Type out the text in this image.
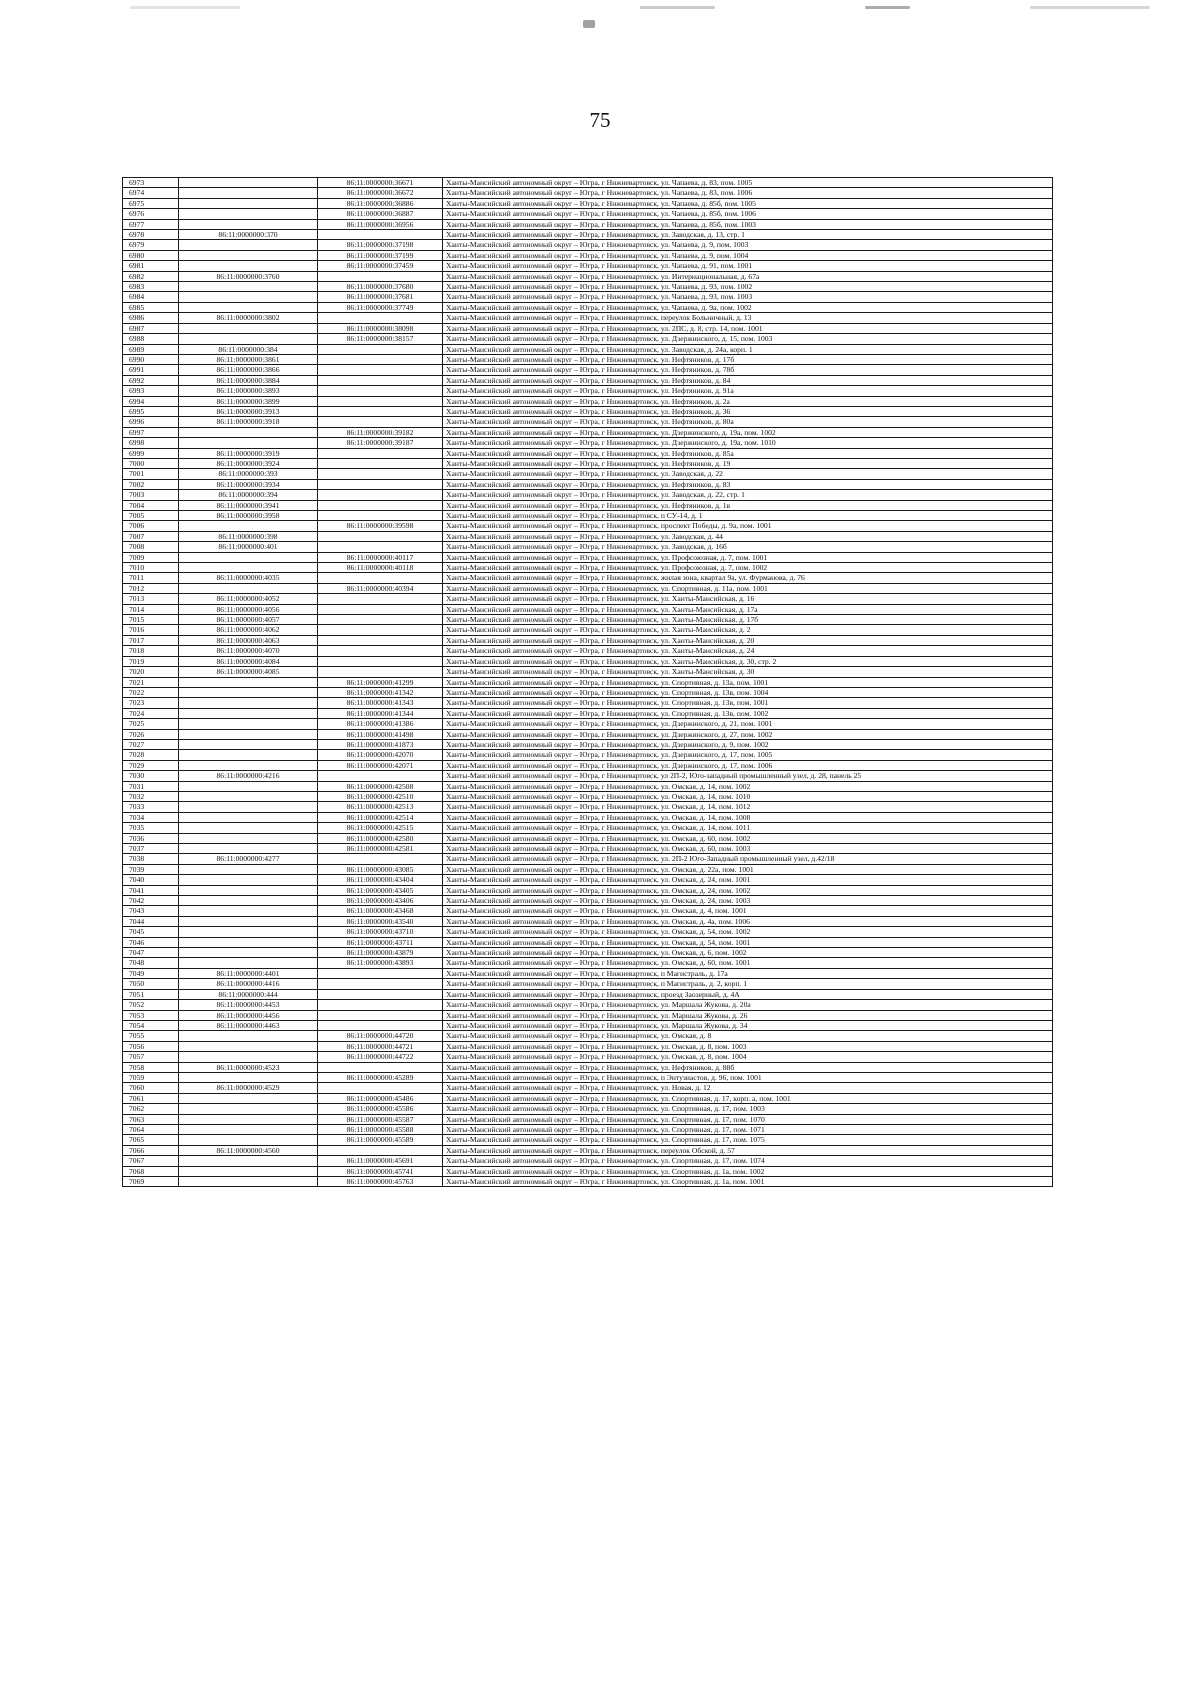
75
6973		86:11:0000000:36671	Ханты-Мансийский автономный округ – Югра, г Нижневартовск, ул. Чапаева, д. 83, пом. 1005
6974		86:11:0000000:36672	Ханты-Мансийский автономный округ – Югра, г Нижневартовск, ул. Чапаева, д. 83, пом. 1006
6975		86:11:0000000:36886	Ханты-Мансийский автономный округ – Югра, г Нижневартовск, ул. Чапаева, д. 85б, пом. 1005
6976		86:11:0000000:36887	Ханты-Мансийский автономный округ – Югра, г Нижневартовск, ул. Чапаева, д. 85б, пом. 1006
6977		86:11:0000000:36956	Ханты-Мансийский автономный округ – Югра, г Нижневартовск, ул. Чапаева, д. 85б, пом. 1003
6978	86:11:0000000:370		Ханты-Мансийский автономный округ – Югра, г Нижневартовск, ул. Заводская, д. 13, стр. 1
6979		86:11:0000000:37198	Ханты-Мансийский автономный округ – Югра, г Нижневартовск, ул. Чапаева, д. 9, пом. 1003
6980		86:11:0000000:37199	Ханты-Мансийский автономный округ – Югра, г Нижневартовск, ул. Чапаева, д. 9, пом. 1004
6981		86:11:0000000:37459	Ханты-Мансийский автономный округ – Югра, г Нижневартовск, ул. Чапаева, д. 91, пом. 1001
6982	86:11:0000000:3760		Ханты-Мансийский автономный округ – Югра, г Нижневартовск, ул. Интернациональная, д. 67а
6983		86:11:0000000:37680	Ханты-Мансийский автономный округ – Югра, г Нижневартовск, ул. Чапаева, д. 93, пом. 1002
6984		86:11:0000000:37681	Ханты-Мансийский автономный округ – Югра, г Нижневартовск, ул. Чапаева, д. 93, пом. 1003
6985		86:11:0000000:37749	Ханты-Мансийский автономный округ – Югра, г Нижневартовск, ул. Чапаева, д. 9а, пом. 1002
6986	86:11:0000000:3802		Ханты-Мансийский автономный округ – Югра, г Нижневартовск, переулок Больничный, д. 13
6987		86:11:0000000:38098	Ханты-Мансийский автономный округ – Югра, г Нижневартовск, ул. 2ПС, д. 8, стр. 14, пом. 1001
6988		86:11:0000000:38157	Ханты-Мансийский автономный округ – Югра, г Нижневартовск, ул. Дзержинского, д. 15, пом. 1003
6989	86:11:0000000:384		Ханты-Мансийский автономный округ – Югра, г Нижневартовск, ул. Заводская, д. 24а, корп. 1
6990	86:11:0000000:3861		Ханты-Мансийский автономный округ – Югра, г Нижневартовск, ул. Нефтяников, д. 17б
6991	86:11:0000000:3866		Ханты-Мансийский автономный округ – Югра, г Нижневартовск, ул. Нефтяников, д. 78б
6992	86:11:0000000:3884		Ханты-Мансийский автономный округ – Югра, г Нижневартовск, ул. Нефтяников, д. 84
6993	86:11:0000000:3893		Ханты-Мансийский автономный округ – Югра, г Нижневартовск, ул. Нефтяников, д. 91а
6994	86:11:0000000:3899		Ханты-Мансийский автономный округ – Югра, г Нижневартовск, ул. Нефтяников, д. 2а
6995	86:11:0000000:3913		Ханты-Мансийский автономный округ – Югра, г Нижневартовск, ул. Нефтяников, д. 36
6996	86:11:0000000:3918		Ханты-Мансийский автономный округ – Югра, г Нижневартовск, ул. Нефтяников, д. 80а
6997		86:11:0000000:39182	Ханты-Мансийский автономный округ – Югра, г Нижневартовск, ул. Дзержинского, д. 19а, пом. 1002
6998		86:11:0000000:39187	Ханты-Мансийский автономный округ – Югра, г Нижневартовск, ул. Дзержинского, д. 19а, пом. 1010
6999	86:11:0000000:3919		Ханты-Мансийский автономный округ – Югра, г Нижневартовск, ул. Нефтяников, д. 85а
7000	86:11:0000000:3924		Ханты-Мансийский автономный округ – Югра, г Нижневартовск, ул. Нефтяников, д. 19
7001	86:11:0000000:393		Ханты-Мансийский автономный округ – Югра, г Нижневартовск, ул. Заводская, д. 22
7002	86:11:0000000:3934		Ханты-Мансийский автономный округ – Югра, г Нижневартовск, ул. Нефтяников, д. 83
7003	86:11:0000000:394		Ханты-Мансийский автономный округ – Югра, г Нижневартовск, ул. Заводская, д. 22, стр. 1
7004	86:11:0000000:3941		Ханты-Мансийский автономный округ – Югра, г Нижневартовск, ул. Нефтяников, д. 1в
7005	86:11:0000000:3958		Ханты-Мансийский автономный округ – Югра, г Нижневартовск, п СУ-14, д. 1
7006		86:11:0000000:39598	Ханты-Мансийский автономный округ – Югра, г Нижневартовск, проспект Победы, д. 9а, пом. 1001
7007	86:11:0000000:398		Ханты-Мансийский автономный округ – Югра, г Нижневартовск, ул. Заводская, д. 44
7008	86:11:0000000:401		Ханты-Мансийский автономный округ – Югра, г Нижневартовск, ул. Заводская, д. 16б
7009		86:11:0000000:40117	Ханты-Мансийский автономный округ – Югра, г Нижневартовск, ул. Профсоюзная, д. 7, пом. 1001
7010		86:11:0000000:40118	Ханты-Мансийский автономный округ – Югра, г Нижневартовск, ул. Профсоюзная, д. 7, пом. 1002
7011	86:11:0000000:4035		Ханты-Мансийский автономный округ – Югра, г Нижневартовск, жилая зона, квартал 9а, ул. Фурманова, д. 76
7012		86:11:0000000:40394	Ханты-Мансийский автономный округ – Югра, г Нижневартовск, ул. Спортивная, д. 11а, пом. 1001
7013	86:11:0000000:4052		Ханты-Мансийский автономный округ – Югра, г Нижневартовск, ул. Ханты-Мансийская, д. 16
7014	86:11:0000000:4056		Ханты-Мансийский автономный округ – Югра, г Нижневартовск, ул. Ханты-Мансийская, д. 17а
7015	86:11:0000000:4057		Ханты-Мансийский автономный округ – Югра, г Нижневартовск, ул. Ханты-Мансийская, д. 17б
7016	86:11:0000000:4062		Ханты-Мансийский автономный округ – Югра, г Нижневартовск, ул. Ханты-Мансийская, д. 2
7017	86:11:0000000:4063		Ханты-Мансийский автономный округ – Югра, г Нижневартовск, ул. Ханты-Мансийская, д. 20
7018	86:11:0000000:4070		Ханты-Мансийский автономный округ – Югра, г Нижневартовск, ул. Ханты-Мансийская, д. 24
7019	86:11:0000000:4084		Ханты-Мансийский автономный округ – Югра, г Нижневартовск, ул. Ханты-Мансийская, д. 30, стр. 2
7020	86:11:0000000:4085		Ханты-Мансийский автономный округ – Югра, г Нижневартовск, ул. Ханты-Мансийская, д. 30
7021		86:11:0000000:41299	Ханты-Мансийский автономный округ – Югра, г Нижневартовск, ул. Спортивная, д. 13а, пом. 1001
7022		86:11:0000000:41342	Ханты-Мансийский автономный округ – Югра, г Нижневартовск, ул. Спортивная, д. 13в, пом. 1004
7023		86:11:0000000:41343	Ханты-Мансийский автономный округ – Югра, г Нижневартовск, ул. Спортивная, д. 13в, пом. 1001
7024		86:11:0000000:41344	Ханты-Мансийский автономный округ – Югра, г Нижневартовск, ул. Спортивная, д. 13в, пом. 1002
7025		86:11:0000000:41386	Ханты-Мансийский автономный округ – Югра, г Нижневартовск, ул. Дзержинского, д. 21, пом. 1001
7026		86:11:0000000:41498	Ханты-Мансийский автономный округ – Югра, г Нижневартовск, ул. Дзержинского, д. 27, пом. 1002
7027		86:11:0000000:41873	Ханты-Мансийский автономный округ – Югра, г Нижневартовск, ул. Дзержинского, д. 9, пом. 1002
7028		86:11:0000000:42070	Ханты-Мансийский автономный округ – Югра, г Нижневартовск, ул. Дзержинского, д. 17, пом. 1005
7029		86:11:0000000:42071	Ханты-Мансийский автономный округ – Югра, г Нижневартовск, ул. Дзержинского, д. 17, пом. 1006
7030	86:11:0000000:4216		Ханты-Мансийский автономный округ – Югра, г Нижневартовск, ул 2П-2, Юго-западный промышленный узел, д. 28, панель 25
7031		86:11:0000000:42508	Ханты-Мансийский автономный округ – Югра, г Нижневартовск, ул. Омская, д. 14, пом. 1002
7032		86:11:0000000:42510	Ханты-Мансийский автономный округ – Югра, г Нижневартовск, ул. Омская, д. 14, пом. 1010
7033		86:11:0000000:42513	Ханты-Мансийский автономный округ – Югра, г Нижневартовск, ул. Омская, д. 14, пом. 1012
7034		86:11:0000000:42514	Ханты-Мансийский автономный округ – Югра, г Нижневартовск, ул. Омская, д. 14, пом. 1008
7035		86:11:0000000:42515	Ханты-Мансийский автономный округ – Югра, г Нижневартовск, ул. Омская, д. 14, пом. 1011
7036		86:11:0000000:42580	Ханты-Мансийский автономный округ – Югра, г Нижневартовск, ул. Омская, д. 60, пом. 1002
7037		86:11:0000000:42581	Ханты-Мансийский автономный округ – Югра, г Нижневартовск, ул. Омская, д. 60, пом. 1003
7038	86:11:0000000:4277		Ханты-Мансийский автономный округ – Югра, г Нижневартовск, ул. 2П-2 Юго-Западный промышленный узел, д.42/18
7039		86:11:0000000:43085	Ханты-Мансийский автономный округ – Югра, г Нижневартовск, ул. Омская, д. 22а, пом. 1001
7040		86:11:0000000:43404	Ханты-Мансийский автономный округ – Югра, г Нижневартовск, ул. Омская, д. 24, пом. 1001
7041		86:11:0000000:43405	Ханты-Мансийский автономный округ – Югра, г Нижневартовск, ул. Омская, д. 24, пом. 1002
7042		86:11:0000000:43406	Ханты-Мансийский автономный округ – Югра, г Нижневартовск, ул. Омская, д. 24, пом. 1003
7043		86:11:0000000:43468	Ханты-Мансийский автономный округ – Югра, г Нижневартовск, ул. Омская, д. 4, пом. 1001
7044		86:11:0000000:43540	Ханты-Мансийский автономный округ – Югра, г Нижневартовск, ул. Омская, д. 4а, пом. 1006
7045		86:11:0000000:43710	Ханты-Мансийский автономный округ – Югра, г Нижневартовск, ул. Омская, д. 54, пом. 1002
7046		86:11:0000000:43711	Ханты-Мансийский автономный округ – Югра, г Нижневартовск, ул. Омская, д. 54, пом. 1001
7047		86:11:0000000:43879	Ханты-Мансийский автономный округ – Югра, г Нижневартовск, ул. Омская, д. 6, пом. 1002
7048		86:11:0000000:43893	Ханты-Мансийский автономный округ – Югра, г Нижневартовск, ул. Омская, д. 60, пом. 1001
7049	86:11:0000000:4401		Ханты-Мансийский автономный округ – Югра, г Нижневартовск, п Магистраль, д. 17а
7050	86:11:0000000:4416		Ханты-Мансийский автономный округ – Югра, г Нижневартовск, п Магистраль, д. 2, корп. 1
7051	86:11:0000000:444		Ханты-Мансийский автономный округ – Югра, г Нижневартовск, проезд Заозерный, д. 4А
7052	86:11:0000000:4453		Ханты-Мансийский автономный округ – Югра, г Нижневартовск, ул. Маршала Жукова, д. 20а
7053	86:11:0000000:4456		Ханты-Мансийский автономный округ – Югра, г Нижневартовск, ул. Маршала Жукова, д. 26
7054	86:11:0000000:4463		Ханты-Мансийский автономный округ – Югра, г Нижневартовск, ул. Маршала Жукова, д. 34
7055		86:11:0000000:44720	Ханты-Мансийский автономный округ – Югра, г Нижневартовск, ул. Омская, д. 8
7056		86:11:0000000:44721	Ханты-Мансийский автономный округ – Югра, г Нижневартовск, ул. Омская, д. 8, пом. 1003
7057		86:11:0000000:44722	Ханты-Мансийский автономный округ – Югра, г Нижневартовск, ул. Омская, д. 8, пом. 1004
7058	86:11:0000000:4523		Ханты-Мансийский автономный округ – Югра, г Нижневартовск, ул. Нефтяников, д. 88б
7059		86:11:0000000:45289	Ханты-Мансийский автономный округ – Югра, г Нижневартовск, п Энтузиастов, д. 96, пом. 1001
7060	86:11:0000000:4529		Ханты-Мансийский автономный округ – Югра, г Нижневартовск, ул. Новая, д. 12
7061		86:11:0000000:45486	Ханты-Мансийский автономный округ – Югра, г Нижневартовск, ул. Спортивная, д. 17, корп. а, пом. 1001
7062		86:11:0000000:45586	Ханты-Мансийский автономный округ – Югра, г Нижневартовск, ул. Спортивная, д. 17, пом. 1003
7063		86:11:0000000:45587	Ханты-Мансийский автономный округ – Югра, г Нижневартовск, ул. Спортивная, д. 17, пом. 1070
7064		86:11:0000000:45588	Ханты-Мансийский автономный округ – Югра, г Нижневартовск, ул. Спортивная, д. 17, пом. 1071
7065		86:11:0000000:45589	Ханты-Мансийский автономный округ – Югра, г Нижневартовск, ул. Спортивная, д. 17, пом. 1075
7066	86:11:0000000:4560		Ханты-Мансийский автономный округ – Югра, г Нижневартовск, переулок Обской, д. 57
7067		86:11:0000000:45691	Ханты-Мансийский автономный округ – Югра, г Нижневартовск, ул. Спортивная, д. 17, пом. 1074
7068		86:11:0000000:45741	Ханты-Мансийский автономный округ – Югра, г Нижневартовск, ул. Спортивная, д. 1а, пом. 1002
7069		86:11:0000000:45763	Ханты-Мансийский автономный округ – Югра, г Нижневартовск, ул. Спортивная, д. 1а, пом. 1001
